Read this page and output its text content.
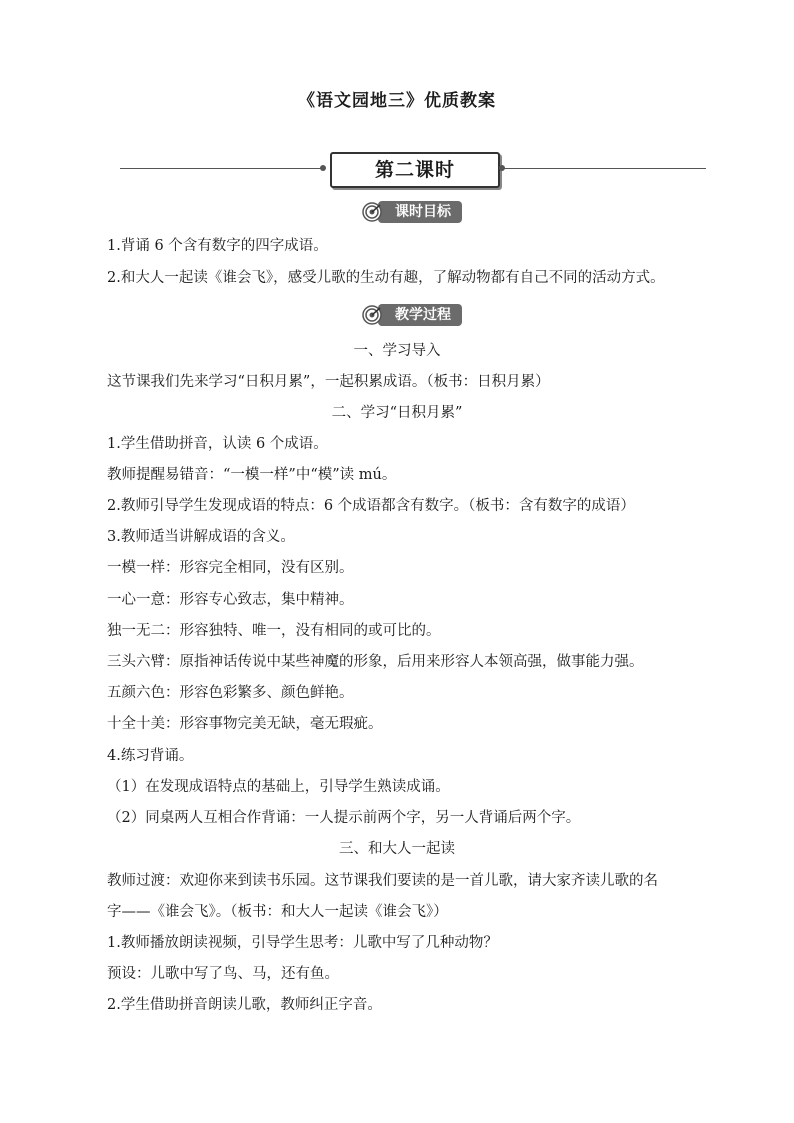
《语文园地三》优质教案
第二课时
课时目标
1.背诵 6 个含有数字的四字成语。
2.和大人一起读《谁会飞》，感受儿歌的生动有趣，了解动物都有自己不同的活动方式。
教学过程
一、学习导入
这节课我们先来学习“日积月累”，一起积累成语。（板书：日积月累）
二、学习“日积月累”
1.学生借助拼音，认读 6 个成语。
教师提醒易错音：“一模一样”中“模”读 mú。
2.教师引导学生发现成语的特点：6 个成语都含有数字。（板书：含有数字的成语）
3.教师适当讲解成语的含义。
一模一样：形容完全相同，没有区别。
一心一意：形容专心致志，集中精神。
独一无二：形容独特、唯一，没有相同的或可比的。
三头六臂：原指神话传说中某些神魔的形象，后用来形容人本领高强，做事能力强。
五颜六色：形容色彩繁多、颜色鲜艳。
十全十美：形容事物完美无缺，毫无瑕疵。
4.练习背诵。
（1）在发现成语特点的基础上，引导学生熟读成诵。
（2）同桌两人互相合作背诵：一人提示前两个字，另一人背诵后两个字。
三、和大人一起读
教师过渡：欢迎你来到读书乐园。这节课我们要读的是一首儿歌，请大家齐读儿歌的名
字——《谁会飞》。（板书：和大人一起读《谁会飞》）
1.教师播放朗读视频，引导学生思考：儿歌中写了几种动物？
预设：儿歌中写了鸟、马，还有鱼。
2.学生借助拼音朗读儿歌，教师纠正字音。
